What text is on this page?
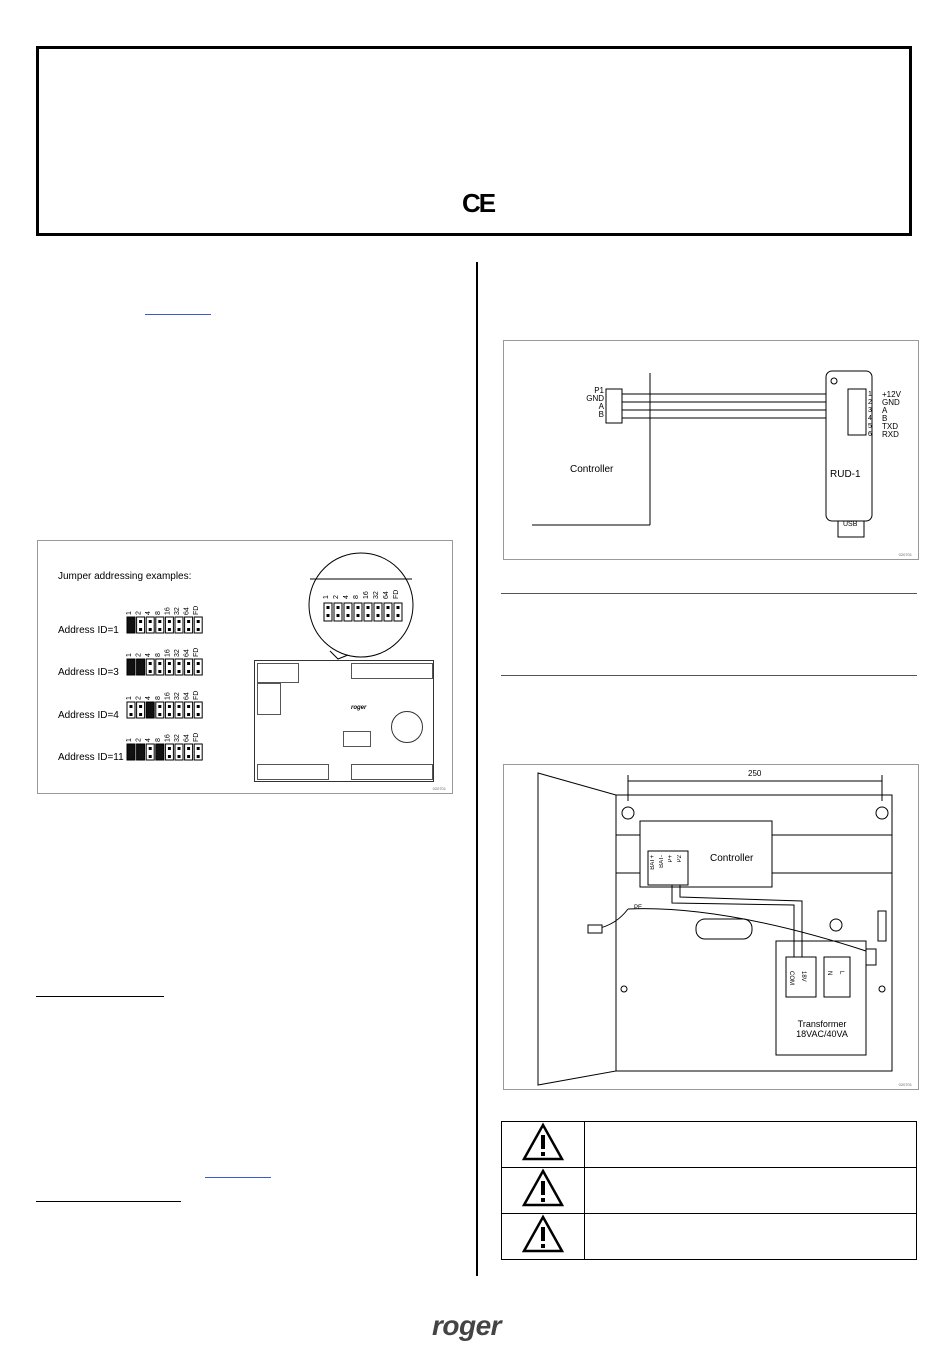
CE
Jumper addressing examples:
Address ID=1
Address ID=3
Address ID=4
Address ID=11
1 2 4 8 16 32 64 FD
1 2 4 8 16 32 64 FD
1 2 4 8 16 32 64 FD
1 2 4 8 16 32 64 FD
1 2 4 8 16 32 64 FD
roger
020701
P1
GND
A
B
Controller	RUD-1
USB
1
2
3
4
5
6
+12V
GND
A
B
TXD
RXD
020701
250
Controller
PE
Transformer
18VAC/40VA
020701
BAT+ BAT- P+ P2
COM 18V	N L

roger
